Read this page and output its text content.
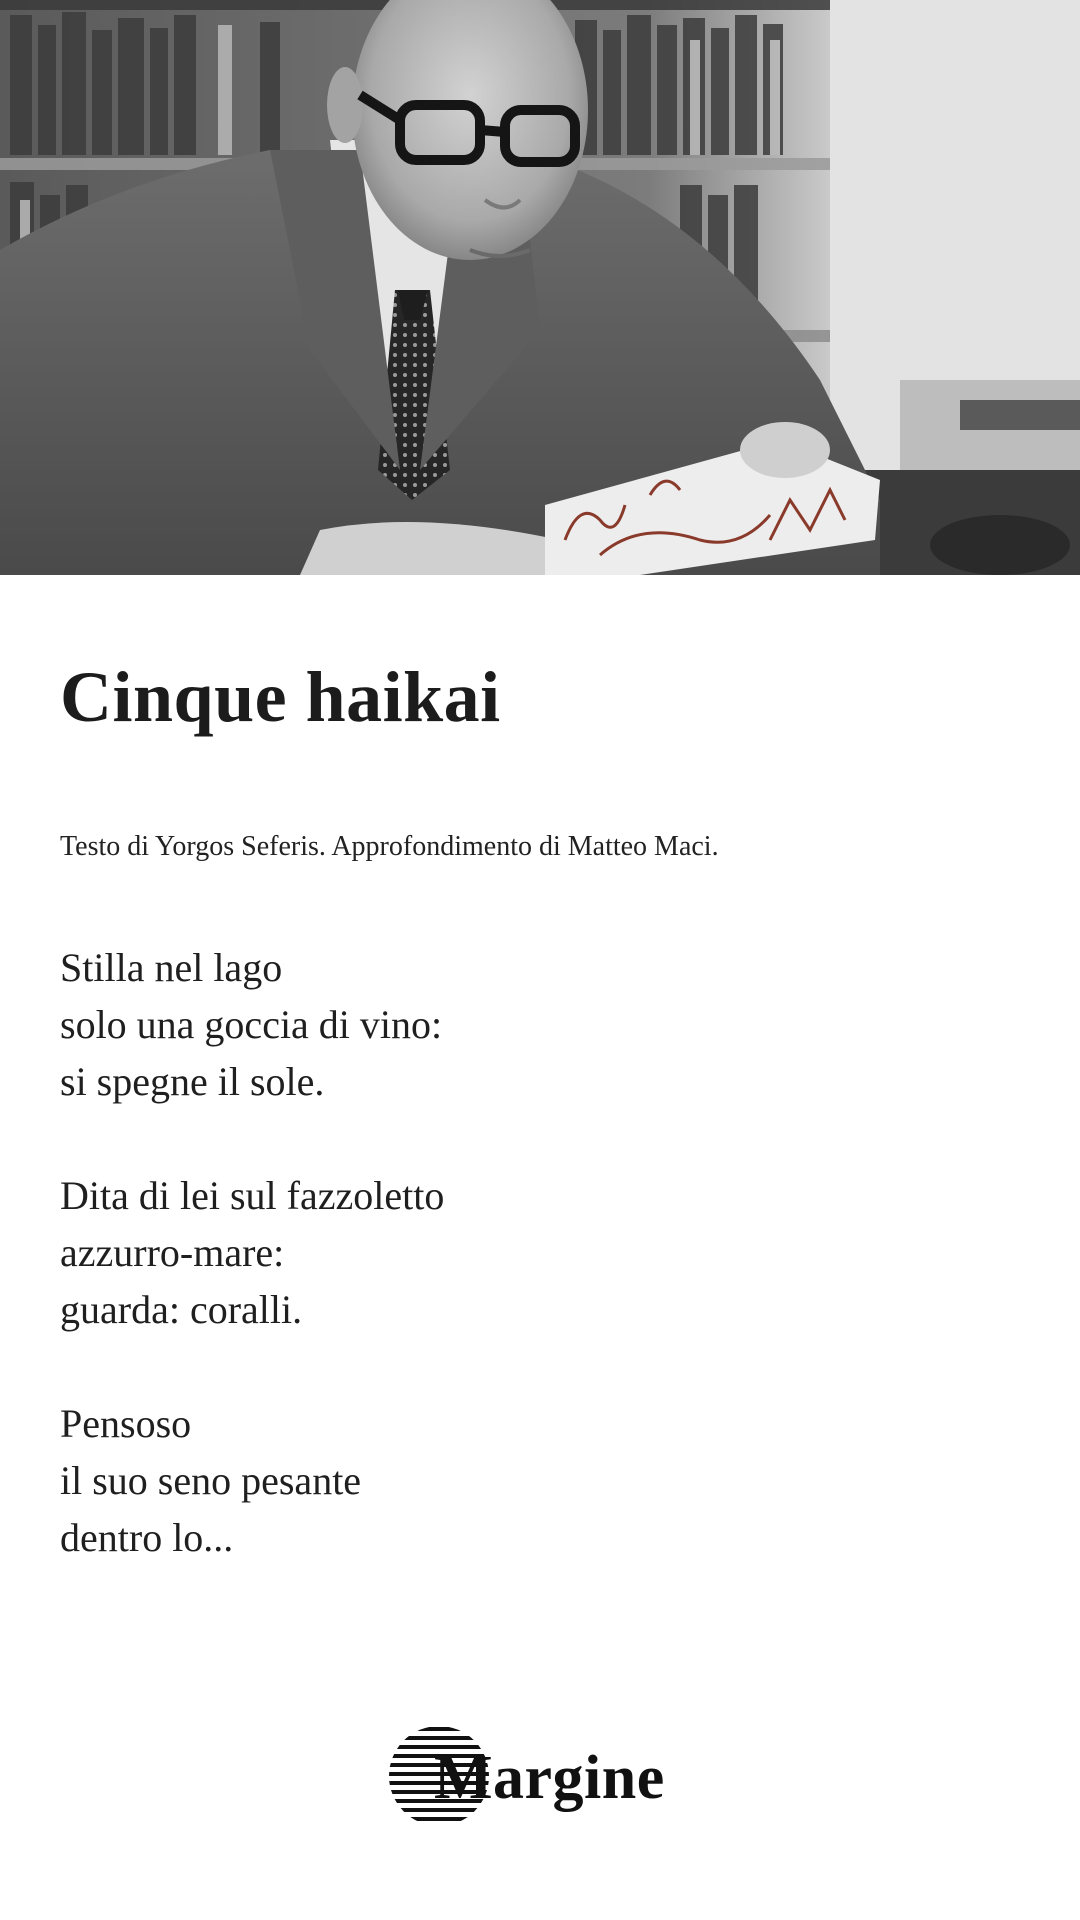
Cinque haikai

Testo di Yorgos Seferis. Approfondimento di Matteo Maci.

Stilla nel lago
solo una goccia di vino:
si spegne il sole.
Dita di lei sul fazzoletto
azzurro-mare:
guarda: coralli.
Pensoso
il suo seno pesante
dentro lo...
Margine
